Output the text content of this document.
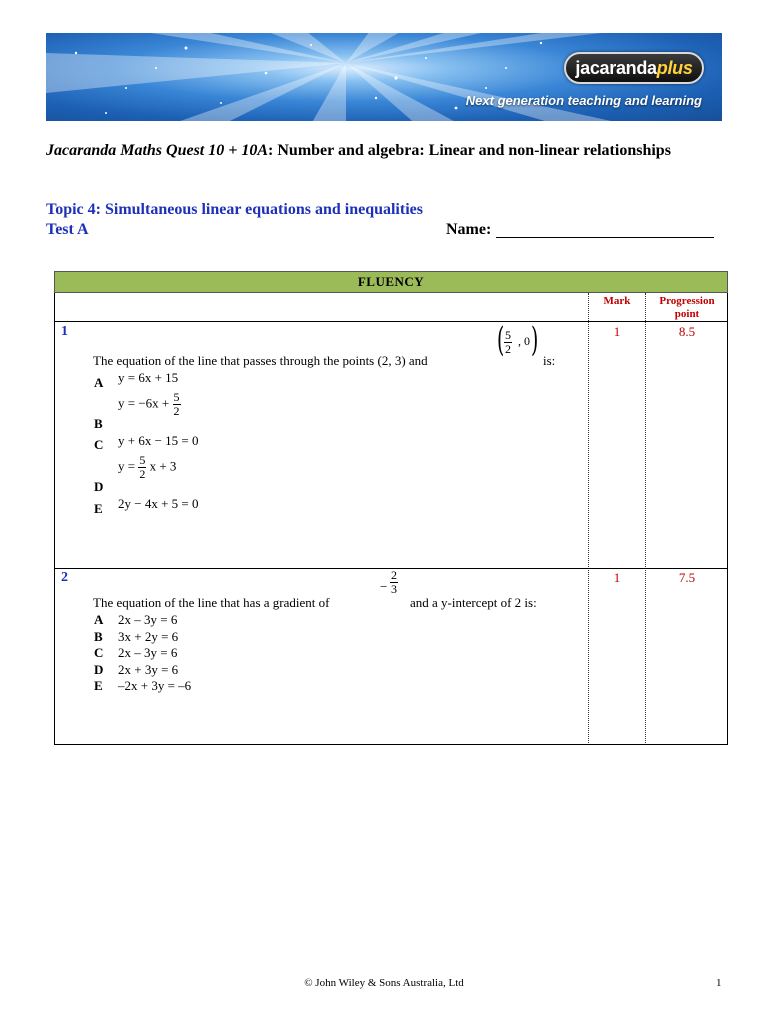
jacaranda plus
Next generation teaching and learning
Jacaranda Maths Quest 10 + 10A: Number and algebra: Linear and non-linear relationships
Topic 4: Simultaneous linear equations and inequalities
Test A	Name:
FLUENCY
Mark	Progression
point
1	1	8.5
The equation of the line that passes through the points (2, 3) and
( $\frac{5}{2}$ , 0 )
is:
A y = 6x + 15
B
$y = -6x + \frac{5}{2}$
C y + 6x − 15 = 0
D
$y = \frac{5}{2}$ x + 3
E 2y − 4x + 5 = 0
2	1	7.5
The equation of the line that has a gradient of
− $\frac{2}{3}$
and a y-intercept of 2 is:
A 2x – 3y = 6
B 3x + 2y = 6
C 2x – 3y = 6
D 2x + 3y = 6
E –2x + 3y = –6
© John Wiley & Sons Australia, Ltd	1
